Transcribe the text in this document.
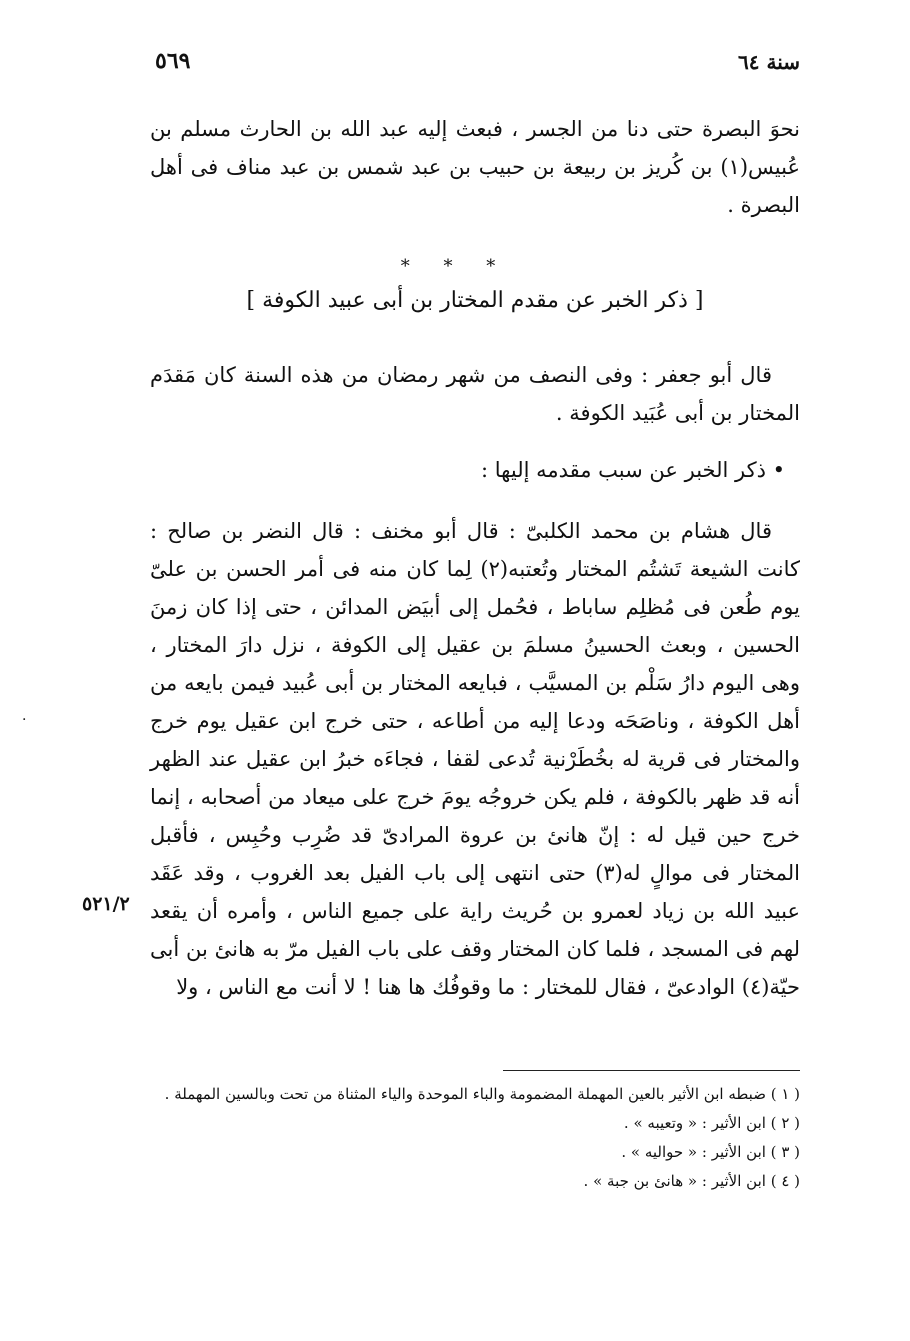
٥٦٩	سنة ٦٤
نحوَ البصرة حتى دنا من الجسر ، فبعث إليه عبد الله بن الحارث مسلم بن عُبيس(١) بن كُريز بن ربيعة بن حبيب بن عبد شمس بن عبد مناف فى أهل البصرة .
* * *
[ ذكر الخبر عن مقدم المختار بن أبى عبيد الكوفة ]
قال أبو جعفر : وفى النصف من شهر رمضان من هذه السنة كان مَقدَم المختار بن أبى عُبَيد الكوفة .
• ذكر الخبر عن سبب مقدمه إليها :
قال هشام بن محمد الكلبىّ : قال أبو مخنف : قال النضر بن صالح : كانت الشيعة تَشتُم المختار وتُعتبه(٢) لِما كان منه فى أمر الحسن بن علىّ يوم طُعن فى مُظلِم ساباط ، فحُمل إلى أبيَض المدائن ، حتى إذا كان زمنَ الحسين ، وبعث الحسينُ مسلمَ بن عقيل إلى الكوفة ، نزل دارَ المختار ، وهى اليوم دارُ سَلْم بن المسيَّب ، فبايعه المختار بن أبى عُبيد فيمن بايعه من أهل الكوفة ، وناصَحَه ودعا إليه من أطاعه ، حتى خرج ابن عقيل يوم خرج والمختار فى قرية له بخُطَرْنية تُدعى لقفا ، فجاءَه خبرُ ابن عقيل عند الظهر أنه قد ظهر بالكوفة ، فلم يكن خروجُه يومَ خرج على ميعاد من أصحابه ، إنما خرج حين قيل له : إنّ هانئ بن عروة المرادىّ قد ضُرِب وحُبِس ، فأقبل المختار فى موالٍ له(٣) حتى انتهى إلى باب الفيل بعد الغروب ، وقد عَقَد عبيد الله بن زياد لعمرو بن حُريث راية على جميع الناس ، وأمره أن يقعد لهم فى المسجد ، فلما كان المختار وقف على باب الفيل مرّ به هانئ بن أبى حيّة(٤) الوادعىّ ، فقال للمختار : ما وقوفُك ها هنا ! لا أنت مع الناس ، ولا
٥٢١/٢
·

( ١ ) ضبطه ابن الأثير بالعين المهملة المضمومة والباء الموحدة والياء المثناة من تحت وبالسين المهملة .

( ٢ ) ابن الأثير : « وتعيبه » .

( ٣ ) ابن الأثير : « حواليه » .

( ٤ ) ابن الأثير : « هانئ بن جبة » .
